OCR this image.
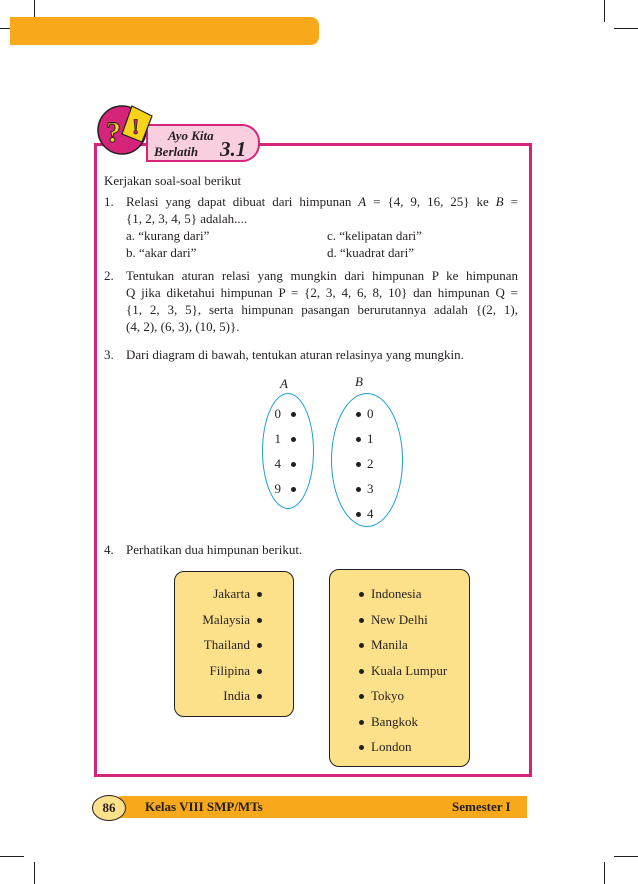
Ayo Kita
Berlatih 3.1
? !
Kerjakan soal-soal berikut
1. Relasi yang dapat dibuat dari himpunan A = {4, 9, 16, 25} ke B =
{1, 2, 3, 4, 5} adalah....
a. “kurang dari”	c. “kelipatan dari”
b. “akar dari”	d. “kuadrat dari”
2. Tentukan aturan relasi yang mungkin dari himpunan P ke himpunan
Q jika diketahui himpunan P = {2, 3, 4, 6, 8, 10} dan himpunan Q =
{1, 2, 3, 5}, serta himpunan pasangan berurutannya adalah {(2, 1),
(4, 2), (6, 3), (10, 5)}.
3. Dari diagram di bawah, tentukan aturan relasinya yang mungkin.
A	B
4. Perhatikan dua himpunan berikut.
86	Kelas VIII SMP/MTs	Semester I
0
1
4
9
0
1
2
3
4
Jakarta
Malaysia
Thailand
Filipina
India
Indonesia
New Delhi
Manila
Kuala Lumpur
Tokyo
Bangkok
London
